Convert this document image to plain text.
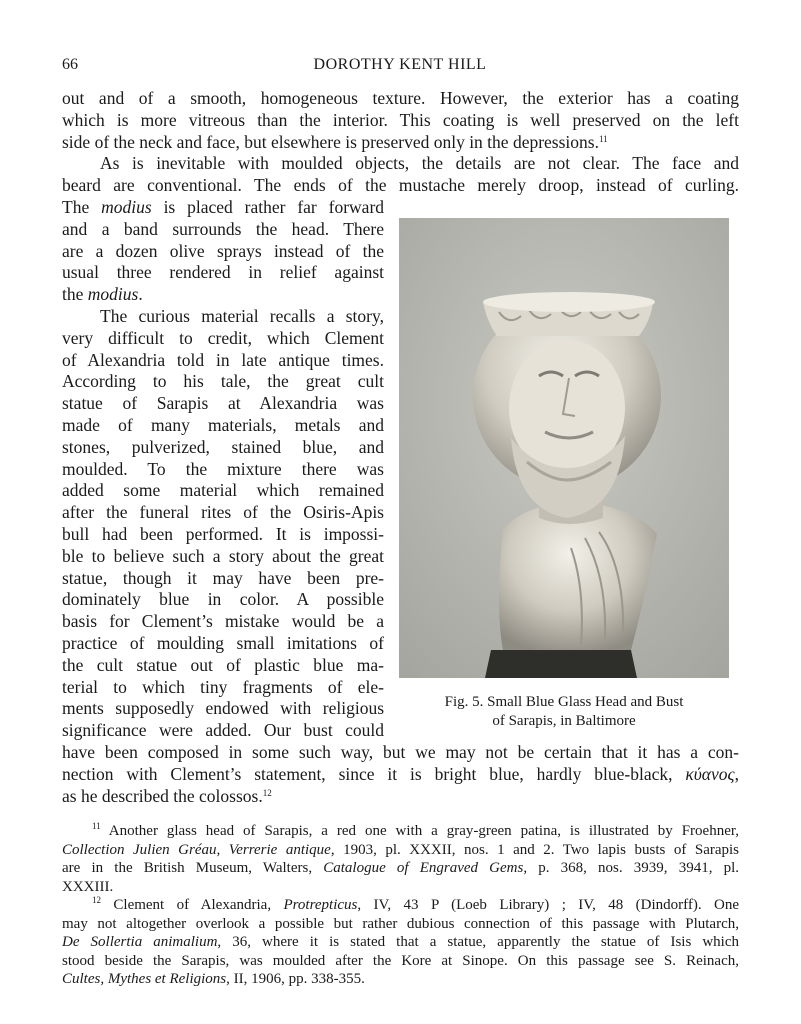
66	DOROTHY KENT HILL
out and of a smooth, homogeneous texture. However, the exterior has a coating
which is more vitreous than the interior. This coating is well preserved on the left
side of the neck and face, but elsewhere is preserved only in the depressions.$^{11}$
As is inevitable with moulded objects, the details are not clear. The face and
beard are conventional. The ends of the mustache merely droop, instead of curling.
The modius is placed rather far forward
and a band surrounds the head. There
are a dozen olive sprays instead of the
usual three rendered in relief against
the modius.
The curious material recalls a story,
very difficult to credit, which Clement
of Alexandria told in late antique times.
According to his tale, the great cult
statue of Sarapis at Alexandria was
made of many materials, metals and
stones, pulverized, stained blue, and
moulded. To the mixture there was
added some material which remained
after the funeral rites of the Osiris-Apis
bull had been performed. It is impossi-
ble to believe such a story about the great
statue, though it may have been pre-
dominately blue in color. A possible
basis for Clement’s mistake would be a
practice of moulding small imitations of
the cult statue out of plastic blue ma-
terial to which tiny fragments of ele-
ments supposedly endowed with religious
significance were added. Our bust could
have been composed in some such way, but we may not be certain that it has a con-
nection with Clement’s statement, since it is bright blue, hardly blue-black, κύανος,
as he described the colossos.$^{12}$
Fig. 5. Small Blue Glass Head and Bust
of Sarapis, in Baltimore
$^{11}$ Another glass head of Sarapis, a red one with a gray-green patina, is illustrated by Froehner,
Collection Julien Gréau, Verrerie antique, 1903, pl. XXXII, nos. 1 and 2. Two lapis busts of Sarapis
are in the British Museum, Walters, Catalogue of Engraved Gems, p. 368, nos. 3939, 3941, pl.
XXXIII.
$^{12}$ Clement of Alexandria, Protrepticus, IV, 43 P (Loeb Library) ; IV, 48 (Dindorff). One
may not altogether overlook a possible but rather dubious connection of this passage with Plutarch,
De Sollertia animalium, 36, where it is stated that a statue, apparently the statue of Isis which
stood beside the Sarapis, was moulded after the Kore at Sinope. On this passage see S. Reinach,
Cultes, Mythes et Religions, II, 1906, pp. 338-355.
